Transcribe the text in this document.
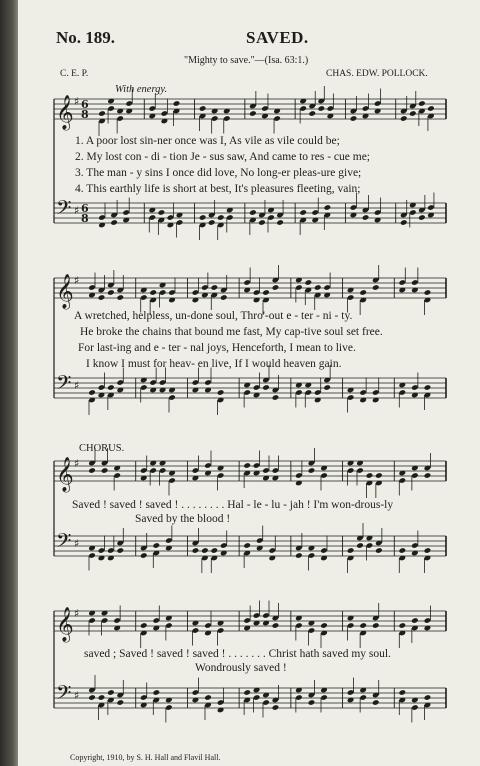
No. 189.	SAVED.
"Mighty to save."—(Isa. 63:1.)
C. E. P.	CHAS. EDW. POLLOCK.
With energy.
1. A poor lost sin-ner once was I, As vile as vile could be;
2. My lost con - di - tion Je - sus saw, And came to res - cue me;
3. The man - y sins I once did love, No long-er pleas-ure give;
4. This earthly life is short at best, It's pleasures fleeting, vain;
A wretched, helpless, un-done soul, Thro'-out e - ter - ni - ty.
He broke the chains that bound me fast, My cap-tive soul set free.
For last-ing and e - ter - nal joys, Henceforth, I mean to live.
I know I must for heav- en live, If I would heaven gain.
CHORUS.
Saved ! saved ! saved ! . . . . . . . . Hal - le - lu - jah ! I'm won-drous-ly
Saved by the blood !
saved ; Saved ! saved ! saved ! . . . . . . . Christ hath saved my soul.
Wondrously saved !
Copyright, 1910, by S. H. Hall and Flavil Hall.
𝄞 ♯ 6
8
𝄢 ♯ 6
8
𝄞 ♯
𝄢 ♯
𝄞 ♯
𝄢 ♯
𝄞 ♯
𝄢 ♯
